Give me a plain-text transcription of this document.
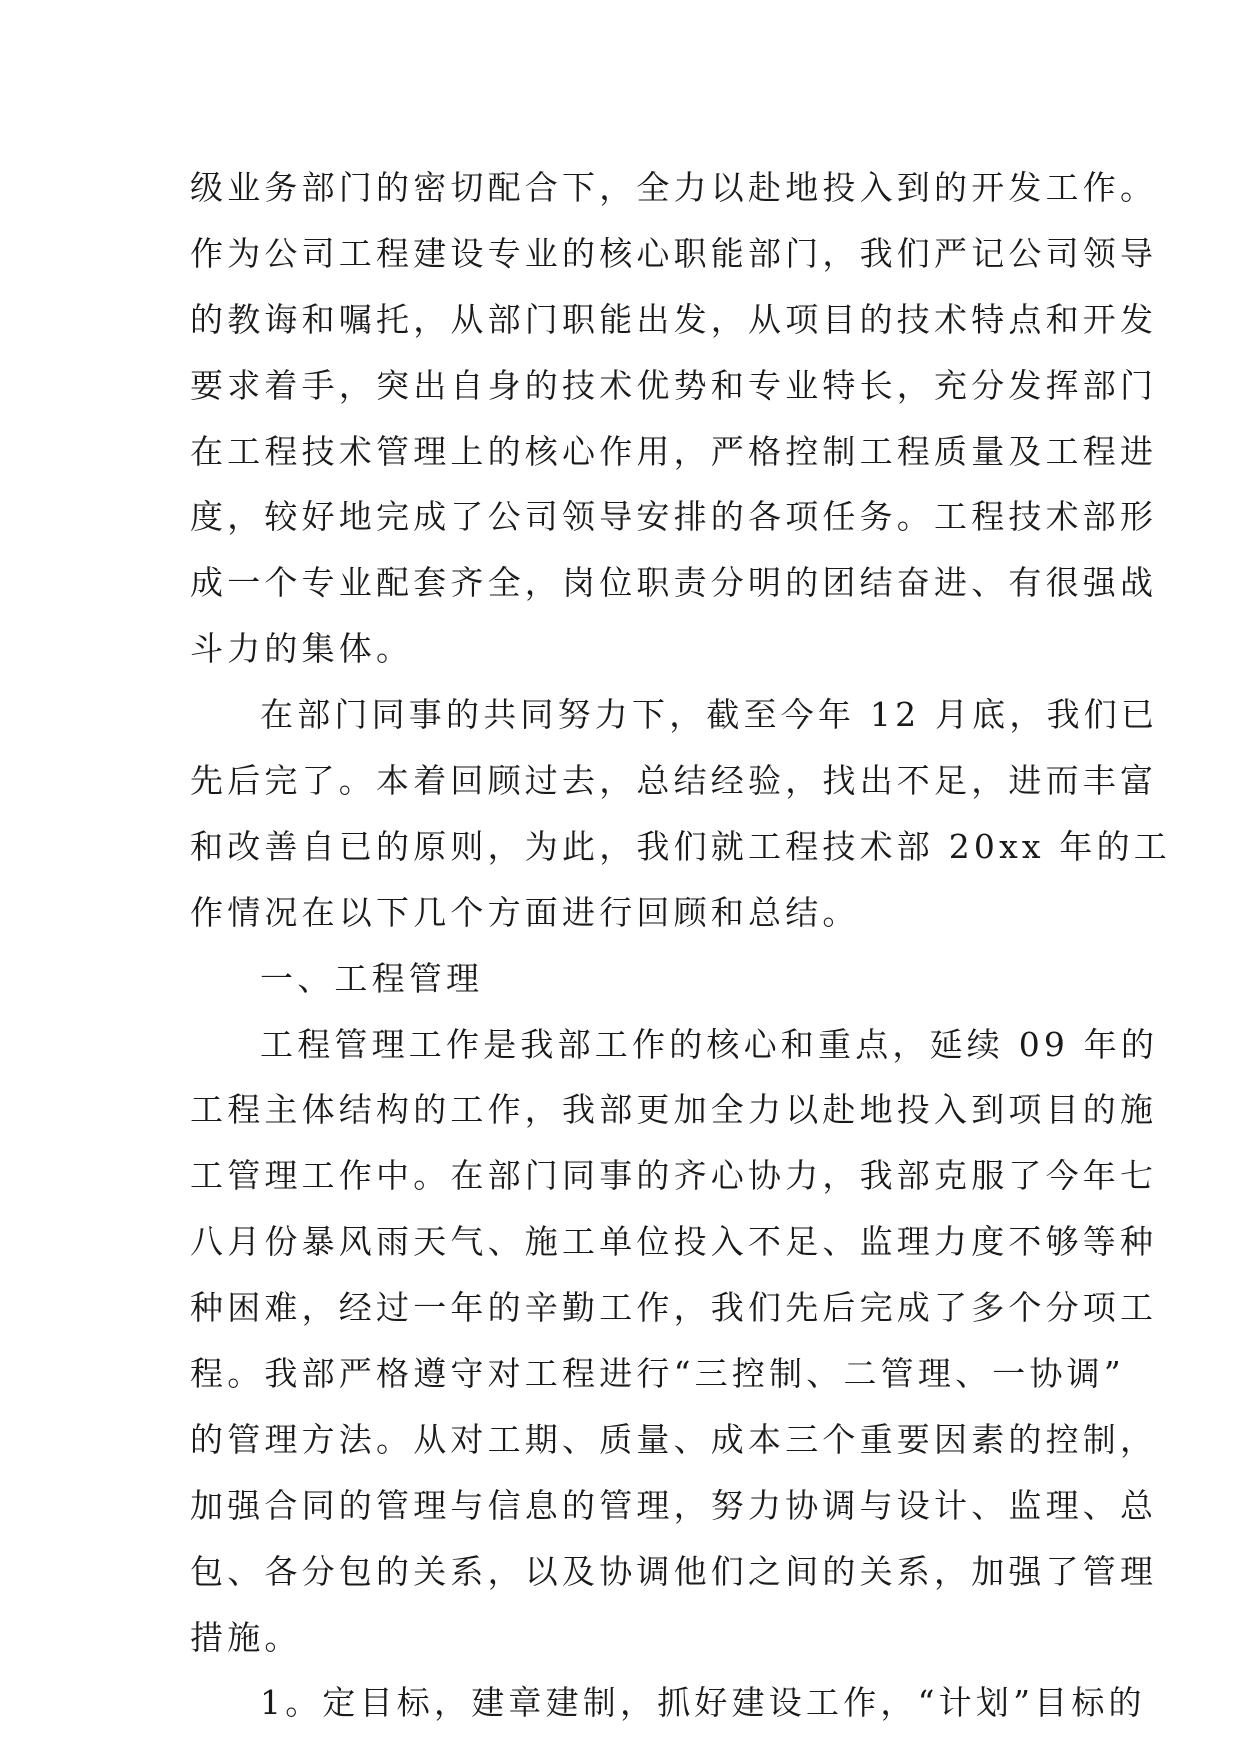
级业务部门的密切配合下，全力以赴地投入到的开发工作。
作为公司工程建设专业的核心职能部门，我们严记公司领导
的教诲和嘱托，从部门职能出发，从项目的技术特点和开发
要求着手，突出自身的技术优势和专业特长，充分发挥部门
在工程技术管理上的核心作用，严格控制工程质量及工程进
度，较好地完成了公司领导安排的各项任务。工程技术部形
成一个专业配套齐全，岗位职责分明的团结奋进、有很强战
斗力的集体。
在部门同事的共同努力下，截至今年 12 月底，我们已
先后完了。本着回顾过去，总结经验，找出不足，进而丰富
和改善自已的原则，为此，我们就工程技术部 20xx 年的工
作情况在以下几个方面进行回顾和总结。
一、工程管理
工程管理工作是我部工作的核心和重点，延续 09 年的
工程主体结构的工作，我部更加全力以赴地投入到项目的施
工管理工作中。在部门同事的齐心协力，我部克服了今年七
八月份暴风雨天气、施工单位投入不足、监理力度不够等种
种困难，经过一年的辛勤工作，我们先后完成了多个分项工
程。我部严格遵守对工程进行“三控制、二管理、一协调”
的管理方法。从对工期、质量、成本三个重要因素的控制，
加强合同的管理与信息的管理，努力协调与设计、监理、总
包、各分包的关系，以及协调他们之间的关系，加强了管理
措施。
1。定目标，建章建制，抓好建设工作，“计划”目标的
